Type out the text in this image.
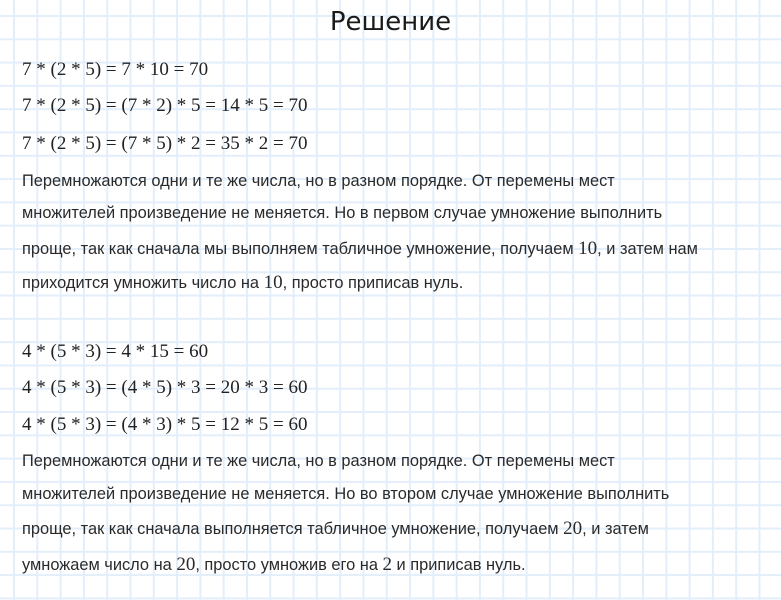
Решение
7 * (2 * 5) = 7 * 10 = 70
7 * (2 * 5) = (7 * 2) * 5 = 14 * 5 = 70
7 * (2 * 5) = (7 * 5) * 2 = 35 * 2 = 70
Перемножаются одни и те же числа, но в разном порядке. От перемены мест
множителей произведение не меняется. Но в первом случае умножение выполнить
проще, так как сначала мы выполняем табличное умножение, получаем 10, и затем нам
приходится умножить число на 10, просто приписав нуль.
4 * (5 * 3) = 4 * 15 = 60
4 * (5 * 3) = (4 * 5) * 3 = 20 * 3 = 60
4 * (5 * 3) = (4 * 3) * 5 = 12 * 5 = 60
Перемножаются одни и те же числа, но в разном порядке. От перемены мест
множителей произведение не меняется. Но во втором случае умножение выполнить
проще, так как сначала выполняется табличное умножение, получаем 20, и затем
умножаем число на 20, просто умножив его на 2 и приписав нуль.
